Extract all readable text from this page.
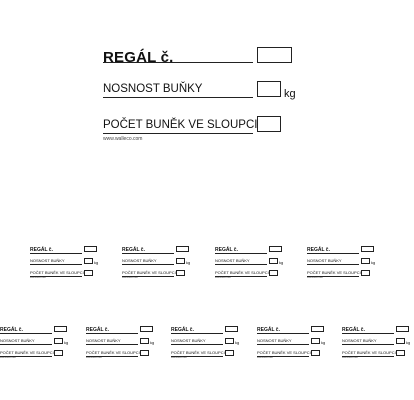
REGÁL č.
NOSNOST BUŇKY	kg
POČET BUNĚK VE SLOUPCI
www.walleco.com
REGÁL č.
NOSNOST BUŇKY	kg
POČET BUNĚK VE SLOUPCI
www.walleco.com
REGÁL č.
NOSNOST BUŇKY	kg
POČET BUNĚK VE SLOUPCI
www.walleco.com
REGÁL č.
NOSNOST BUŇKY	kg
POČET BUNĚK VE SLOUPCI
www.walleco.com
REGÁL č.
NOSNOST BUŇKY	kg
POČET BUNĚK VE SLOUPCI
www.walleco.com
REGÁL č.
NOSNOST BUŇKY	kg
POČET BUNĚK VE SLOUPCI
www.walleco.com
REGÁL č.
NOSNOST BUŇKY	kg
POČET BUNĚK VE SLOUPCI
www.walleco.com
REGÁL č.
NOSNOST BUŇKY	kg
POČET BUNĚK VE SLOUPCI
www.walleco.com
REGÁL č.
NOSNOST BUŇKY	kg
POČET BUNĚK VE SLOUPCI
www.walleco.com
REGÁL č.
NOSNOST BUŇKY	kg
POČET BUNĚK VE SLOUPCI
www.walleco.com
